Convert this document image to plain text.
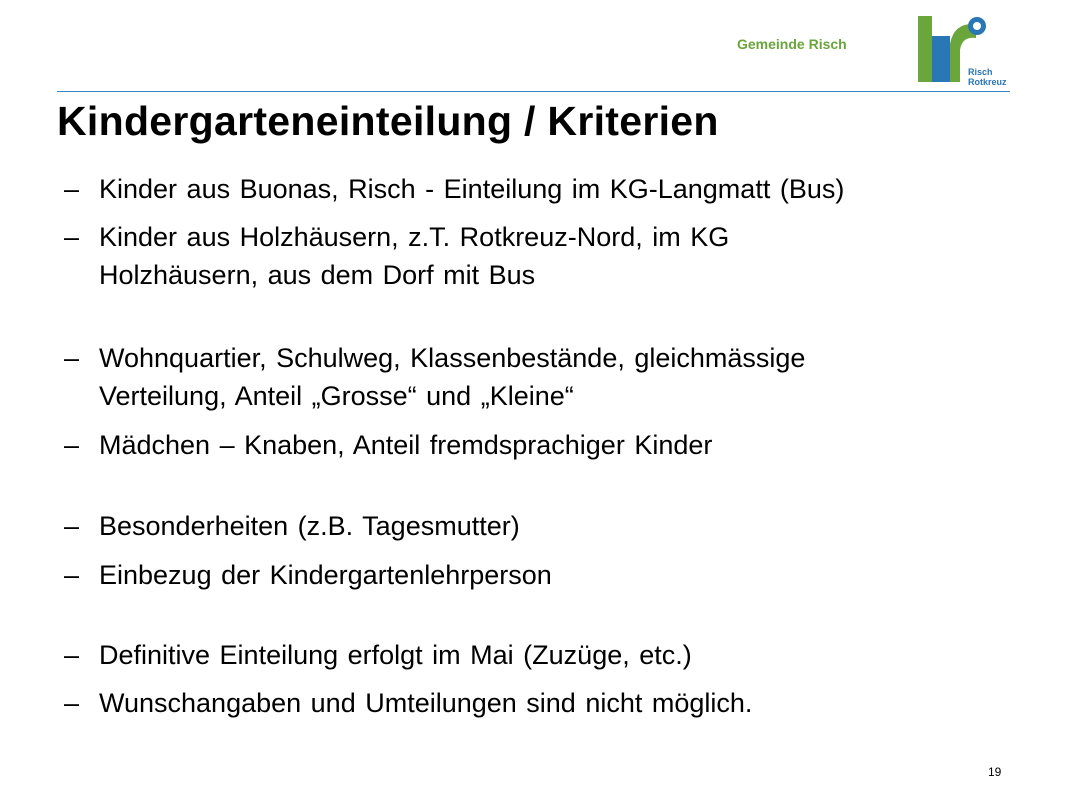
Gemeinde Risch
Risch
Rotkreuz
Kindergarteneinteilung / Kriterien
– Kinder aus Buonas, Risch - Einteilung im KG-Langmatt (Bus)
– Kinder aus Holzhäusern, z.T. Rotkreuz-Nord, im KG
Holzhäusern, aus dem Dorf mit Bus
– Wohnquartier, Schulweg, Klassenbestände, gleichmässige
Verteilung, Anteil „Grosse“ und „Kleine“
– Mädchen – Knaben, Anteil fremdsprachiger Kinder
– Besonderheiten (z.B. Tagesmutter)
– Einbezug der Kindergartenlehrperson
– Definitive Einteilung erfolgt im Mai (Zuzüge, etc.)
– Wunschangaben und Umteilungen sind nicht möglich.
19
